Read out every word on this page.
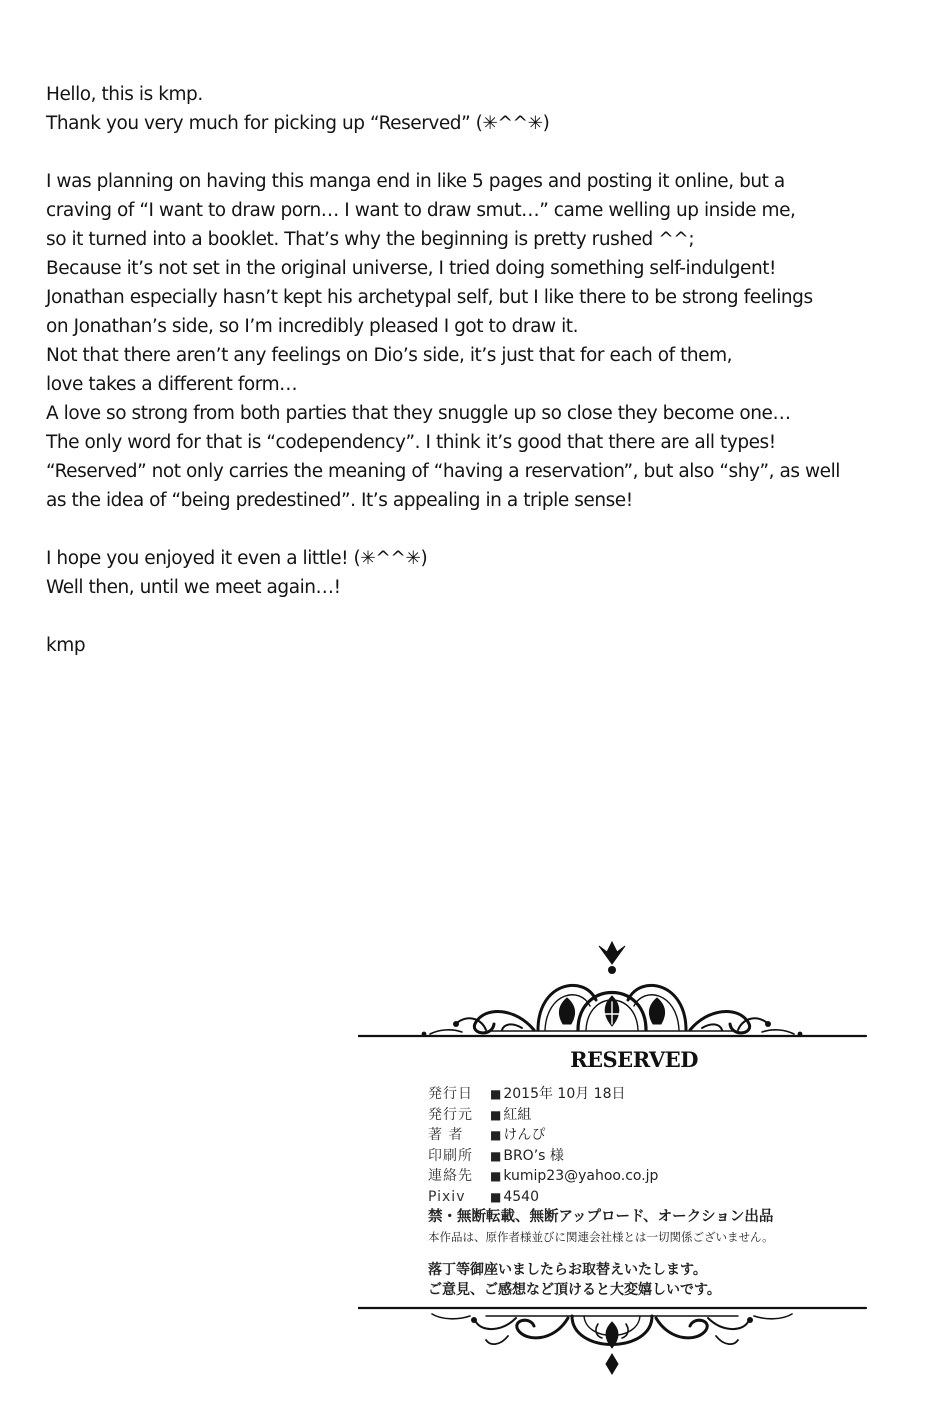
Hello, this is kmp.
Thank you very much for picking up “Reserved” (✳^^✳)
I was planning on having this manga end in like 5 pages and posting it online, but a
craving of “I want to draw porn… I want to draw smut…” came welling up inside me,
so it turned into a booklet. That’s why the beginning is pretty rushed ^^;
Because it’s not set in the original universe, I tried doing something self-indulgent!
Jonathan especially hasn’t kept his archetypal self, but I like there to be strong feelings
on Jonathan’s side, so I’m incredibly pleased I got to draw it.
Not that there aren’t any feelings on Dio’s side, it’s just that for each of them,
love takes a different form…
A love so strong from both parties that they snuggle up so close they become one…
The only word for that is “codependency”. I think it’s good that there are all types!
“Reserved” not only carries the meaning of “having a reservation”, but also “shy”, as well
as the idea of “being predestined”. It’s appealing in a triple sense!
I hope you enjoyed it even a little! (✳^^✳)
Well then, until we meet again…!
kmp
RESERVED
発行日 ■ 2015年 10月 18日
発行元 ■ 紅組
著 者 ■ けんぴ
印刷所 ■ BRO’s 様
連絡先 ■ kumip23@yahoo.co.jp
Pixiv ■ 4540
禁・無断転載、無断アップロード、オークション出品
本作品は、原作者様並びに関連会社様とは一切関係ございません。
落丁等御座いましたらお取替えいたします。
ご意見、ご感想など頂けると大変嬉しいです。
